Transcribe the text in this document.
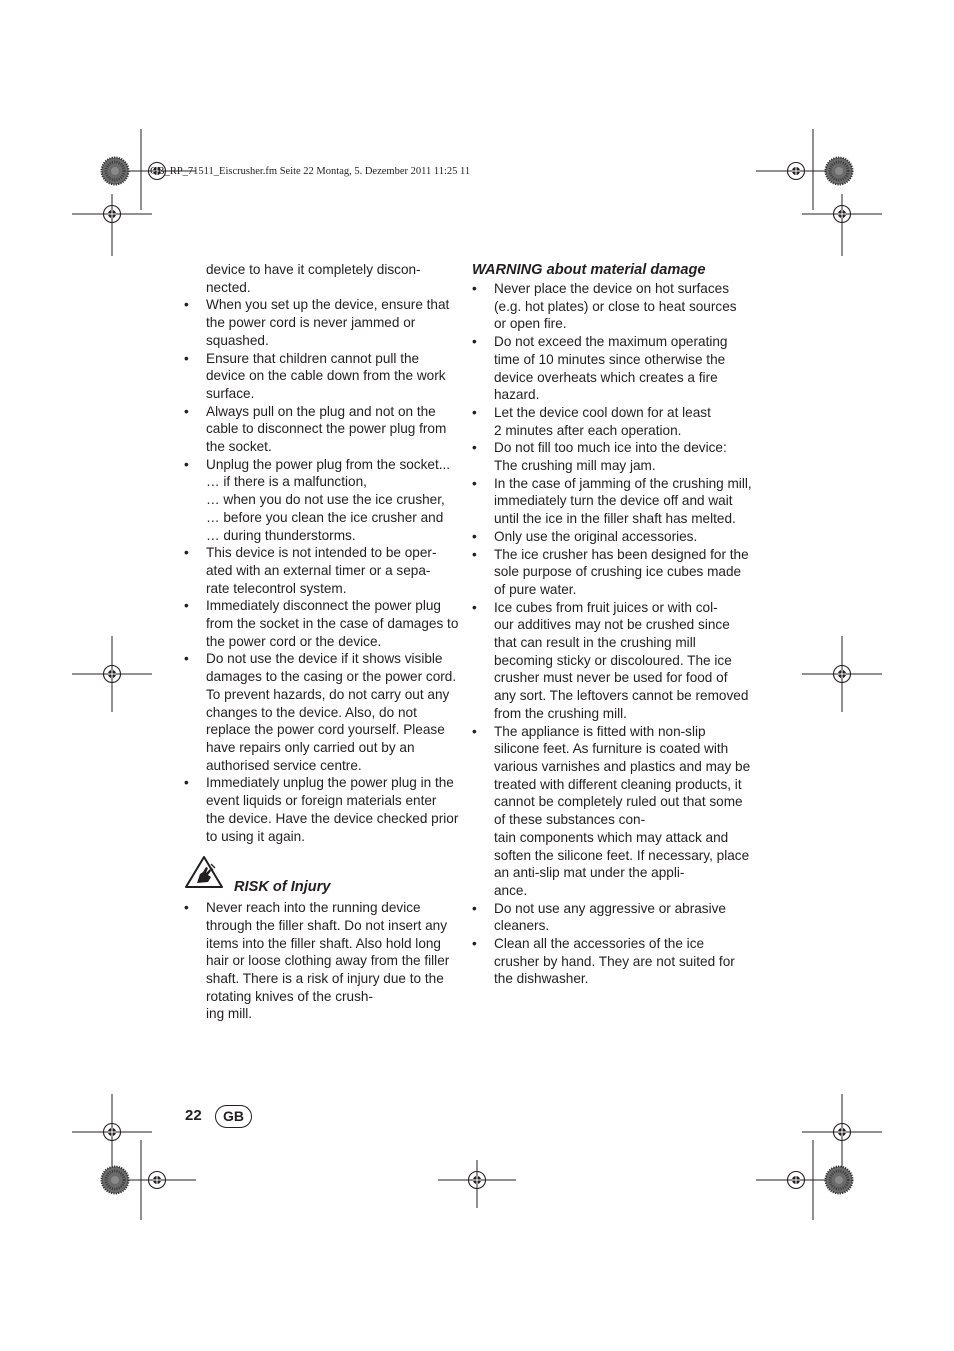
GB_RP_71511_Eiscrusher.fm Seite 22 Montag, 5. Dezember 2011 11:25 11
device to have it completely discon-
nected.
• When you set up the device, ensure that the power cord is never jammed or squashed.
• Ensure that children cannot pull the device on the cable down from the work surface.
• Always pull on the plug and not on the cable to disconnect the power plug from the socket.
• Unplug the power plug from the socket...
… if there is a malfunction,
… when you do not use the ice crusher,
… before you clean the ice crusher and
… during thunderstorms.
• This device is not intended to be oper-
ated with an external timer or a sepa-
rate telecontrol system.
• Immediately disconnect the power plug from the socket in the case of damages to the power cord or the device.
• Do not use the device if it shows visible damages to the casing or the power cord. To prevent hazards, do not carry out any changes to the device. Also, do not replace the power cord yourself. Please have repairs only carried out by an authorised service centre.
• Immediately unplug the power plug in the event liquids or foreign materials enter the device. Have the device checked prior to using it again.
RISK of Injury
• Never reach into the running device through the filler shaft. Do not insert any items into the filler shaft. Also hold long hair or loose clothing away from the filler shaft. There is a risk of injury due to the rotating knives of the crush-
ing mill.
WARNING about material damage
• Never place the device on hot surfaces (e.g. hot plates) or close to heat sources or open fire.
• Do not exceed the maximum operating time of 10 minutes since otherwise the device overheats which creates a fire hazard.
• Let the device cool down for at least
2 minutes after each operation.
• Do not fill too much ice into the device: The crushing mill may jam.
• In the case of jamming of the crushing mill, immediately turn the device off and wait until the ice in the filler shaft has melted.
• Only use the original accessories.
• The ice crusher has been designed for the sole purpose of crushing ice cubes made of pure water.
• Ice cubes from fruit juices or with col-
our additives may not be crushed since that can result in the crushing mill becoming sticky or discoloured. The ice crusher must never be used for food of any sort. The leftovers cannot be removed from the crushing mill.
• The appliance is fitted with non-slip silicone feet. As furniture is coated with various varnishes and plastics and may be treated with different cleaning products, it cannot be completely ruled out that some of these substances con-
tain components which may attack and soften the silicone feet. If necessary, place an anti-slip mat under the appli-
ance.
• Do not use any aggressive or abrasive cleaners.
• Clean all the accessories of the ice crusher by hand. They are not suited for the dishwasher.
22	GB
